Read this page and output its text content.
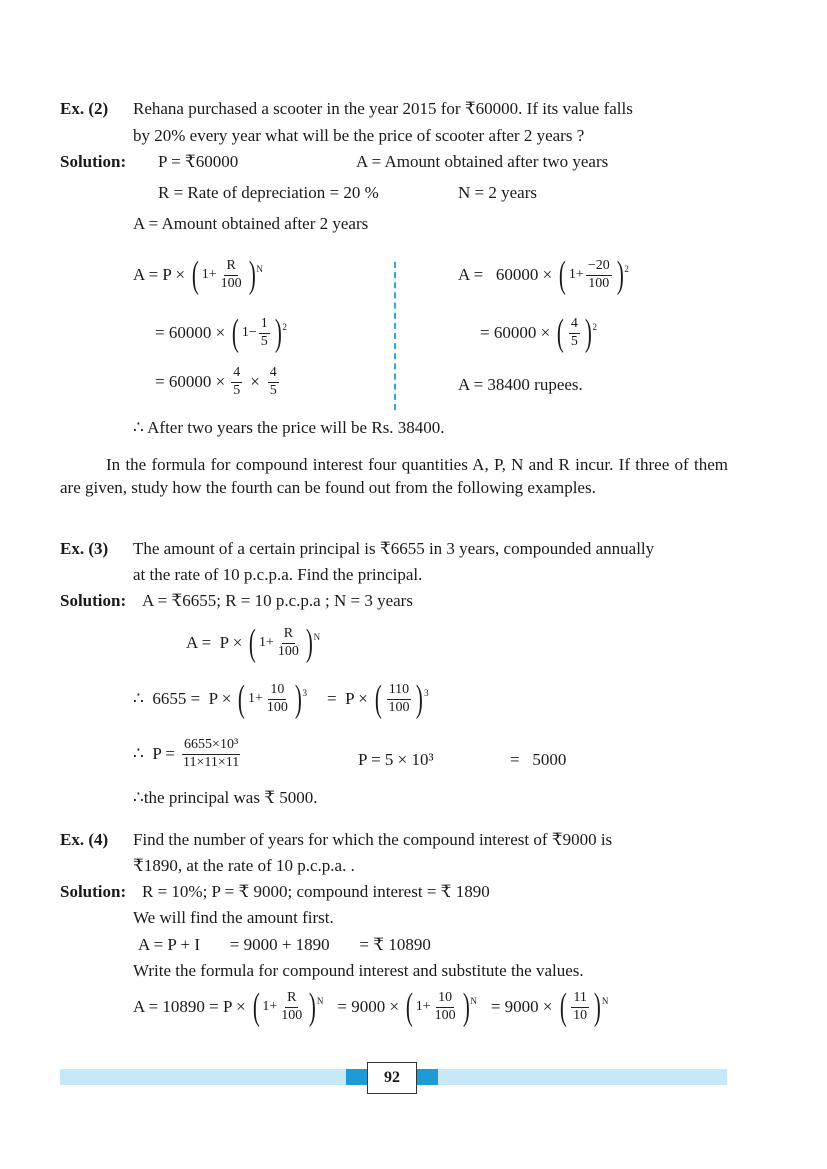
Ex. (2) Rehana purchased a scooter in the year 2015 for ₹60000. If its value falls
by 20% every year what will be the price of scooter after 2 years ?
Solution: P = ₹60000	A = Amount obtained after two years
R = Rate of depreciation = 20 %	N = 2 years
A = Amount obtained after 2 years
A = P × ( $1+ \frac{R}{100}$ ) N
= 60000 × ( $1- \frac{1}{5}$ ) 2
= $60000 \times \frac{4}{5} \times \frac{4}{5}$
A =   60000 × ( $1+ \frac{-20}{100}$ ) 2
= 60000 × ( $\frac{4}{5}$ ) 2
A = 38400 rupees.
∴ After two years the price will be Rs. 38400.
In the formula for compound interest four quantities A, P, N and R incur. If three of them are given, study how the fourth can be found out from the following examples.
Ex. (3) The amount of a certain principal is ₹6655 in 3 years, compounded annually
at the rate of 10 p.c.p.a. Find the principal.
Solution: A = ₹6655; R = 10 p.c.p.a ; N = 3 years
A =  P × ( $1+ \frac{R}{100}$ ) N
∴  6655 =  P × ( $1+ \frac{10}{100}$ ) 3 =  P × ( $\frac{110}{100}$ ) 3
∴  $P = \frac{\text{6655×10³}}{11\times 11\times 11}$	P = 5 × 10³	=   5000
∴the principal was ₹ 5000.
Ex. (4) Find the number of years for which the compound interest of ₹9000 is
₹1890, at the rate of 10 p.c.p.a. .
Solution: R = 10%; P = ₹ 9000; compound interest = ₹ 1890
We will find the amount first.
A = P + I       = 9000 + 1890       = ₹ 10890
Write the formula for compound interest and substitute the values.
A = 10890 = P × ( $1+ \frac{R}{100}$ ) N = 9000 × ( $1+ \frac{10}{100}$ ) N = 9000 × ( $\frac{11}{10}$ ) N
92
